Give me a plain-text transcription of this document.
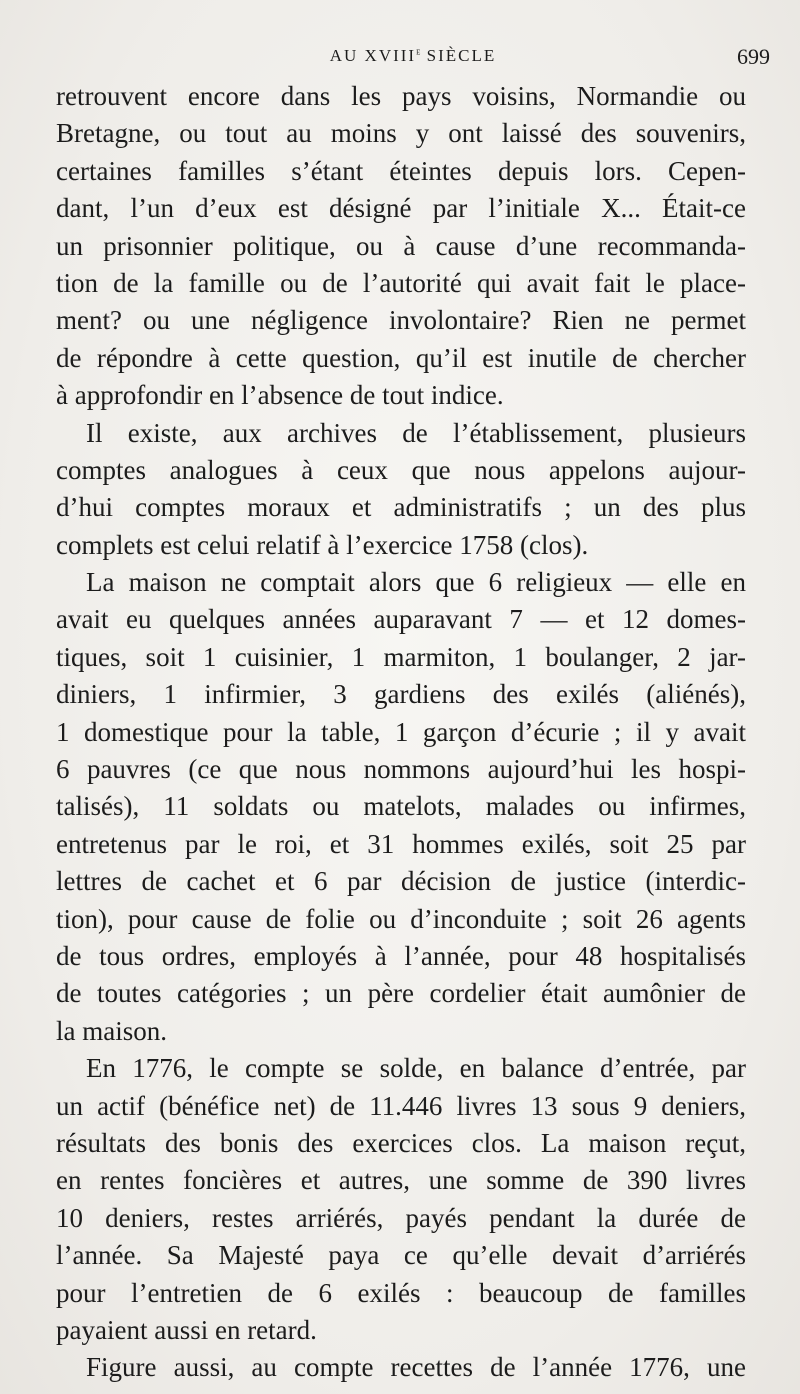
AU XVIIIe SIÈCLE	699
retrouvent encore dans les pays voisins, Normandie ou
Bretagne, ou tout au moins y ont laissé des souvenirs,
certaines familles s’étant éteintes depuis lors. Cepen-
dant, l’un d’eux est désigné par l’initiale X... Était-ce
un prisonnier politique, ou à cause d’une recommanda-
tion de la famille ou de l’autorité qui avait fait le place-
ment? ou une négligence involontaire? Rien ne permet
de répondre à cette question, qu’il est inutile de chercher
à approfondir en l’absence de tout indice.
Il existe, aux archives de l’établissement, plusieurs
comptes analogues à ceux que nous appelons aujour-
d’hui comptes moraux et administratifs ; un des plus
complets est celui relatif à l’exercice 1758 (clos).
La maison ne comptait alors que 6 religieux — elle en
avait eu quelques années auparavant 7 — et 12 domes-
tiques, soit 1 cuisinier, 1 marmiton, 1 boulanger, 2 jar-
diniers, 1 infirmier, 3 gardiens des exilés (aliénés),
1 domestique pour la table, 1 garçon d’écurie ; il y avait
6 pauvres (ce que nous nommons aujourd’hui les hospi-
talisés), 11 soldats ou matelots, malades ou infirmes,
entretenus par le roi, et 31 hommes exilés, soit 25 par
lettres de cachet et 6 par décision de justice (interdic-
tion), pour cause de folie ou d’inconduite ; soit 26 agents
de tous ordres, employés à l’année, pour 48 hospitalisés
de toutes catégories ; un père cordelier était aumônier de
la maison.
En 1776, le compte se solde, en balance d’entrée, par
un actif (bénéfice net) de 11.446 livres 13 sous 9 deniers,
résultats des bonis des exercices clos. La maison reçut,
en rentes foncières et autres, une somme de 390 livres
10 deniers, restes arriérés, payés pendant la durée de
l’année. Sa Majesté paya ce qu’elle devait d’arriérés
pour l’entretien de 6 exilés : beaucoup de familles
payaient aussi en retard.
Figure aussi, au compte recettes de l’année 1776, une
